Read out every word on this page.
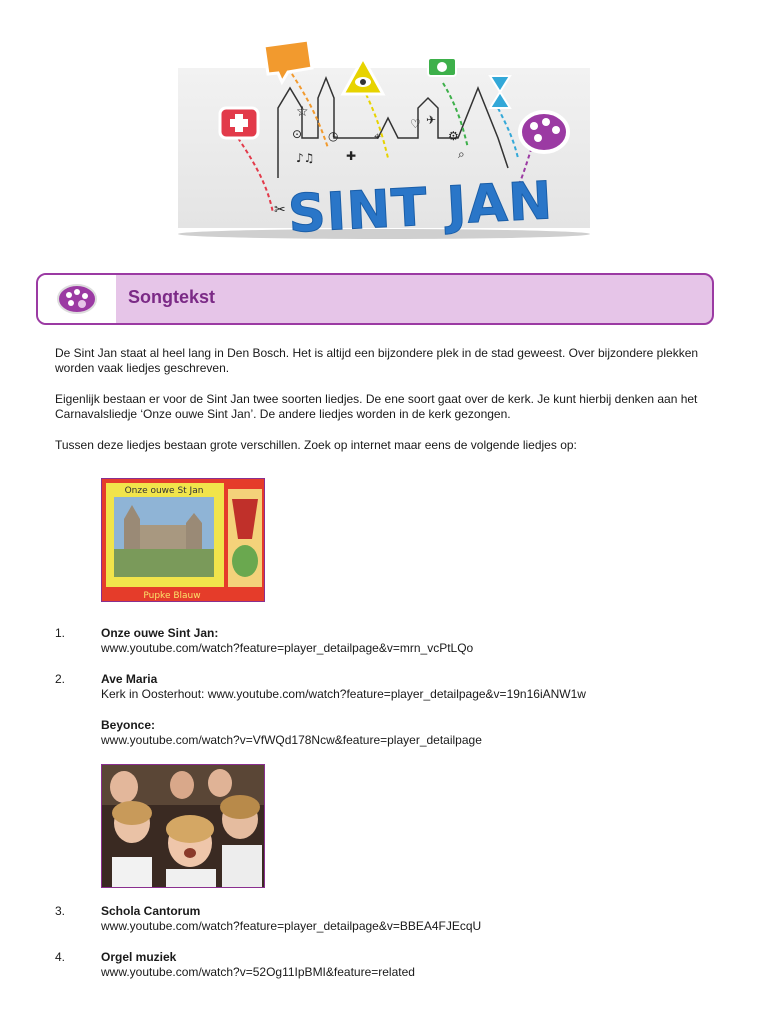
☆
⊙ ◷
♪♫	✚
⌖
♡ ✈
⚙
⌕
✂ SINT JAN
Songtekst

De Sint Jan staat al heel lang in Den Bosch. Het is altijd een bijzondere plek in de stad geweest. Over bijzondere plekken worden vaak liedjes geschreven.

Eigenlijk bestaan er voor de Sint Jan twee soorten liedjes. De ene soort gaat over de kerk. Je kunt hierbij denken aan het Carnavalsliedje ‘Onze ouwe Sint Jan’. De andere liedjes worden in de kerk gezongen.

Tussen deze liedjes bestaan grote verschillen. Zoek op internet maar eens de volgende liedjes op:

Onze ouwe St Jan
Pupke Blauw
1.	Onze ouwe Sint Jan:
www.youtube.com/watch?feature=player_detailpage&v=mrn_vcPtLQo
2.	Ave Maria
Kerk in Oosterhout: www.youtube.com/watch?feature=player_detailpage&v=19n16iANW1w
Beyonce:
www.youtube.com/watch?v=VfWQd178Ncw&feature=player_detailpage
3.	Schola Cantorum
www.youtube.com/watch?feature=player_detailpage&v=BBEA4FJEcqU
4.	Orgel muziek
www.youtube.com/watch?v=52Og11IpBMI&feature=related
